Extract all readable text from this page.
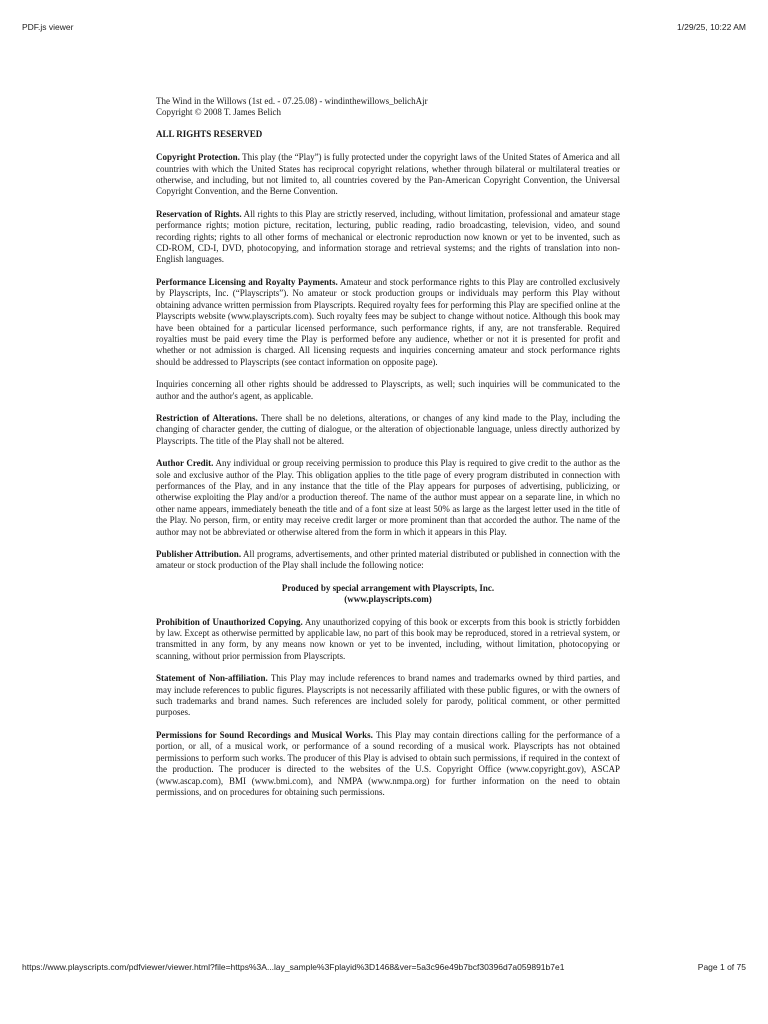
PDF.js viewer	1/29/25, 10:22 AM

The Wind in the Willows (1st ed. - 07.25.08) - windinthewillows_belichAjr

Copyright © 2008 T. James Belich

ALL RIGHTS RESERVED

Copyright Protection. This play (the “Play”) is fully protected under the copyright laws of the United States of America and all countries with which the United States has reciprocal copyright relations, whether through bilateral or multilateral treaties or otherwise, and including, but not limited to, all countries covered by the Pan-American Copyright Convention, the Universal Copyright Convention, and the Berne Convention.

Reservation of Rights. All rights to this Play are strictly reserved, including, without limitation, professional and amateur stage performance rights; motion picture, recitation, lecturing, public reading, radio broadcasting, television, video, and sound recording rights; rights to all other forms of mechanical or electronic reproduction now known or yet to be invented, such as CD-ROM, CD-I, DVD, photocopying, and information storage and retrieval systems; and the rights of translation into non-English languages.

Performance Licensing and Royalty Payments. Amateur and stock performance rights to this Play are controlled exclusively by Playscripts, Inc. (“Playscripts”). No amateur or stock production groups or individuals may perform this Play without obtaining advance written permission from Playscripts. Required royalty fees for performing this Play are specified online at the Playscripts website (www.playscripts.com). Such royalty fees may be subject to change without notice. Although this book may have been obtained for a particular licensed performance, such performance rights, if any, are not transferable. Required royalties must be paid every time the Play is performed before any audience, whether or not it is presented for profit and whether or not admission is charged. All licensing requests and inquiries concerning amateur and stock performance rights should be addressed to Playscripts (see contact information on opposite page).

Inquiries concerning all other rights should be addressed to Playscripts, as well; such inquiries will be communicated to the author and the author's agent, as applicable.

Restriction of Alterations. There shall be no deletions, alterations, or changes of any kind made to the Play, including the changing of character gender, the cutting of dialogue, or the alteration of objectionable language, unless directly authorized by Playscripts. The title of the Play shall not be altered.

Author Credit. Any individual or group receiving permission to produce this Play is required to give credit to the author as the sole and exclusive author of the Play. This obligation applies to the title page of every program distributed in connection with performances of the Play, and in any instance that the title of the Play appears for purposes of advertising, publicizing, or otherwise exploiting the Play and/or a production thereof. The name of the author must appear on a separate line, in which no other name appears, immediately beneath the title and of a font size at least 50% as large as the largest letter used in the title of the Play. No person, firm, or entity may receive credit larger or more prominent than that accorded the author. The name of the author may not be abbreviated or otherwise altered from the form in which it appears in this Play.

Publisher Attribution. All programs, advertisements, and other printed material distributed or published in connection with the amateur or stock production of the Play shall include the following notice:

Produced by special arrangement with Playscripts, Inc.
(www.playscripts.com)

Prohibition of Unauthorized Copying. Any unauthorized copying of this book or excerpts from this book is strictly forbidden by law. Except as otherwise permitted by applicable law, no part of this book may be reproduced, stored in a retrieval system, or transmitted in any form, by any means now known or yet to be invented, including, without limitation, photocopying or scanning, without prior permission from Playscripts.

Statement of Non-affiliation. This Play may include references to brand names and trademarks owned by third parties, and may include references to public figures. Playscripts is not necessarily affiliated with these public figures, or with the owners of such trademarks and brand names. Such references are included solely for parody, political comment, or other permitted purposes.

Permissions for Sound Recordings and Musical Works. This Play may contain directions calling for the performance of a portion, or all, of a musical work, or performance of a sound recording of a musical work. Playscripts has not obtained permissions to perform such works. The producer of this Play is advised to obtain such permissions, if required in the context of the production. The producer is directed to the websites of the U.S. Copyright Office (www.copyright.gov), ASCAP (www.ascap.com), BMI (www.bmi.com), and NMPA (www.nmpa.org) for further information on the need to obtain permissions, and on procedures for obtaining such permissions.

https://www.playscripts.com/pdfviewer/viewer.html?file=https%3A...lay_sample%3Fplayid%3D1468&ver=5a3c96e49b7bcf30396d7a059891b7e1	Page 1 of 75
